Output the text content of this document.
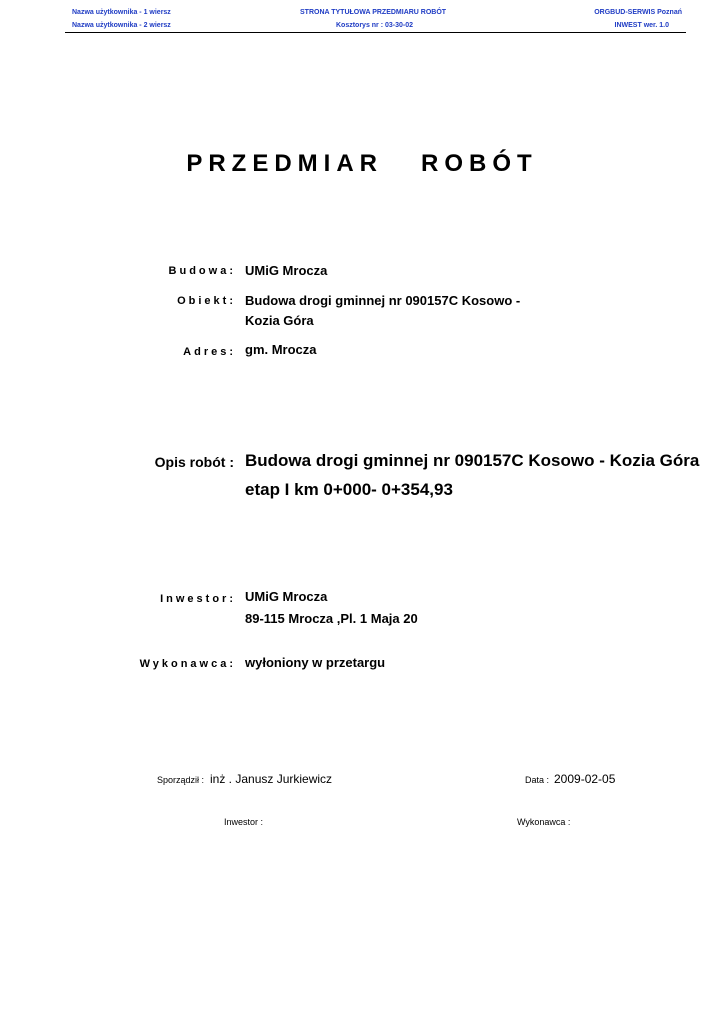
Nazwa użytkownika - 1 wiersz
Nazwa użytkownika - 2 wiersz
STRONA TYTUŁOWA PRZEDMIARU ROBÓT
Kosztorys nr : 03-30-02
ORGBUD-SERWIS Poznań
INWEST wer. 1.0
PRZEDMIAR   ROBÓT
Budowa: UMiG Mrocza
Obiekt: Budowa drogi gminnej nr 090157C Kosowo -
Kozia Góra
Adres: gm. Mrocza
Opis robót : Budowa drogi gminnej nr 090157C Kosowo - Kozia Góra
etap I km 0+000- 0+354,93
Inwestor: UMiG Mrocza
89-115 Mrocza ,Pl. 1 Maja 20
Wykonawca: wyłoniony w przetargu
Sporządził : inż . Janusz Jurkiewicz	Data : 2009-02-05
Inwestor :	Wykonawca :
